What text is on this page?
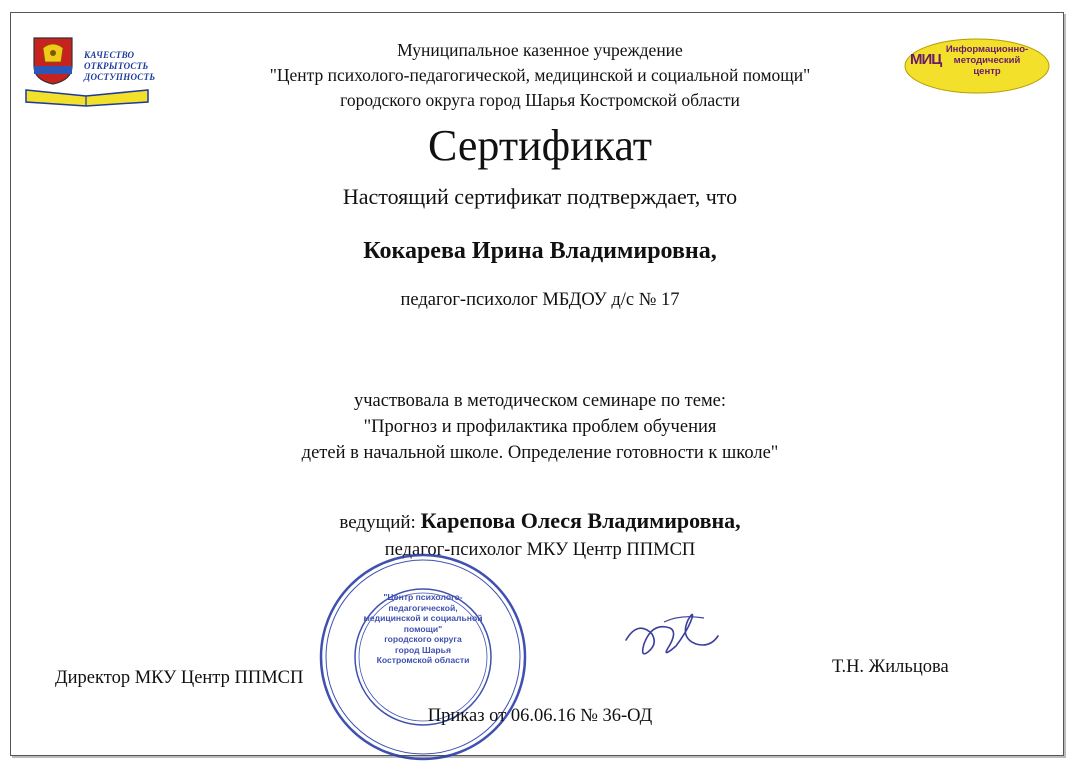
КАЧЕСТВО
ОТКРЫТОСТЬ
ДОСТУПНОСТЬ
МИЦ
Информационно-
методический
центр
Муниципальное казенное учреждение
"Центр психолого-педагогической, медицинской и социальной помощи"
городского округа город Шарья Костромской области
Сертификат
Настоящий сертификат подтверждает, что
Кокарева Ирина Владимировна,
педагог-психолог МБДОУ д/с № 17
участвовала в методическом семинаре по теме:
"Прогноз и профилактика проблем обучения
детей в начальной школе. Определение готовности к школе"
ведущий: Карепова Олеся Владимировна,
педагог-психолог МКУ Центр ППМСП
"Центр психолого-
педагогической,
медицинской и социальной
помощи"
городского округа
город Шарья
Костромской области
Директор МКУ Центр ППМСП
Т.Н. Жильцова
Приказ от 06.06.16 № 36-ОД
